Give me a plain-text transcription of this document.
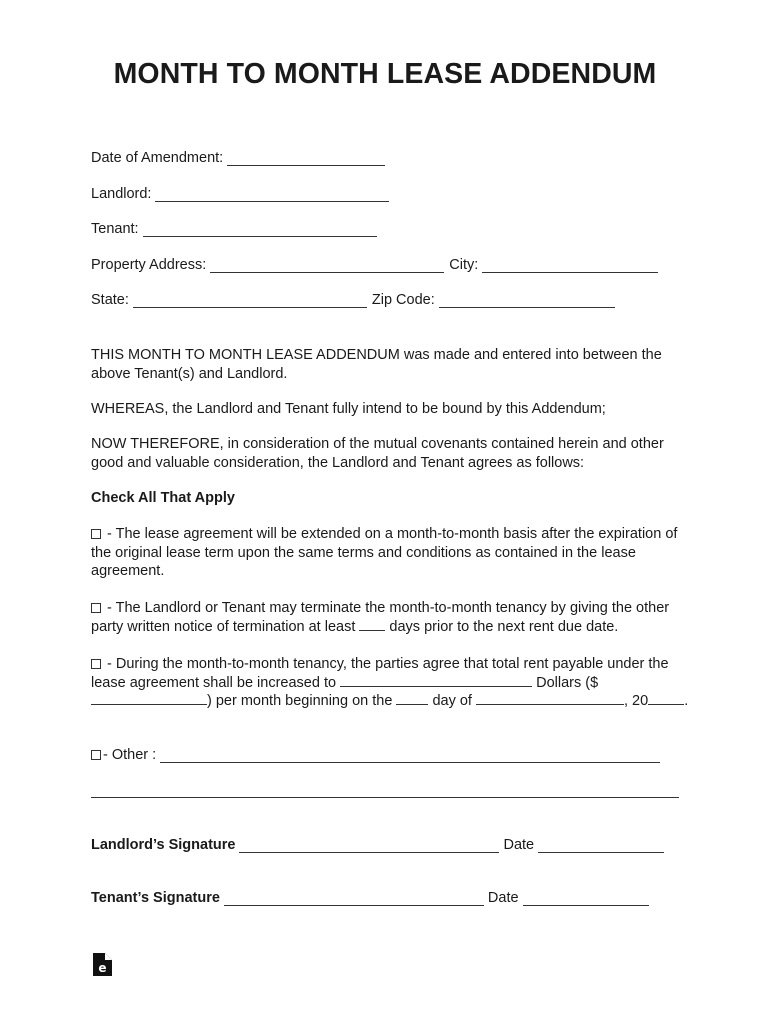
MONTH TO MONTH LEASE ADDENDUM
Date of Amendment:
Landlord:
Tenant:
Property Address:	City:
State:	Zip Code:
THIS MONTH TO MONTH LEASE ADDENDUM was made and entered into between the above Tenant(s) and Landlord.
WHEREAS, the Landlord and Tenant fully intend to be bound by this Addendum;
NOW THEREFORE, in consideration of the mutual covenants contained herein and other good and valuable consideration, the Landlord and Tenant agrees as follows:
Check All That Apply
- The lease agreement will be extended on a month-to-month basis after the expiration of the original lease term upon the same terms and conditions as contained in the lease agreement.
- The Landlord or Tenant may terminate the month-to-month tenancy by giving the other party written notice of termination at least  days prior to the next rent due date.
- During the month-to-month tenancy, the parties agree that total rent payable under the lease agreement shall be increased to	Dollars ($) per month beginning on the  day of	, 20 .
- Other :
Landlord’s Signature	Date
Tenant’s Signature	Date
e
